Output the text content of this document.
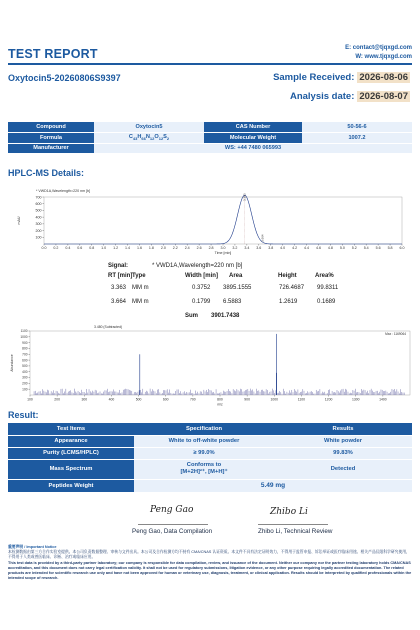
TEST REPORT	E: contact@tjqxgd.com
W: www.tjqxgd.com
Oxytocin5-20260806S9397	Sample Received: 2026-08-06
Analysis date: 2026-08-07
Compound	Oxytocin5	CAS Number	50-56-6
Formula	$C_{43}H_{66}N_{12}O_{12}S_2$	Molecular Weight	1007.2
Manufacturer	WS: +44 7480 065993		
HPLC-MS Details:
* VWD1A,Wavelength=220 nm [b]
100
200
300
400
500
600
700
0.0 0.2 0.4 0.6 0.8 1.0 1.2 1.4 1.6 1.8 2.0 2.2 2.4 2.6 2.8 3.0 3.2 3.4 3.6 3.8 4.0 4.2 4.4 4.6 4.8 5.0 5.2 5.4 5.6 5.8 6.0
Time [min]
mAU
3.363
3.664
Signal:	* VWD1A,Wavelength=220 nm [b]
RT [min] Type	Width [min] Area	Height	Area%
3.363 MM m	0.3752 3895.1555	726.4687 99.8311
3.664 MM m	0.1799 6.5883	1.2619	0.1689
Sum 3901.7438
3.480 (Subtracted)
Max : 1169064
100
200
300
400
500
600
700
800
900
1000
1100
100	200	300	400	500	600	700	800	900	1000	1100	1200	1300	1400
m/z
Abundance
Result:
Test Items	Specification	Results
Appearance	White to off-white powder	White powder
Purity (LCMS/HPLC)	≥ 99.0%	99.83%
Mass Spectrum	Conforms to
[M+2H]²⁺, [M+H]⁺	Detected
Peptides Weight	5.49 mg	
Peng Gao	Zhibo Li
Peng Gao, Data Compilation	Zhibo Li, Technical Review
重要声明 / Important Notice
本检测数据由第三方合作实验室提供。本公司负责数据整理、审核与文件出具。本公司及合作检测方均不持有 CMA/CNAS 认证资质。本文件不具有法定证明效力，不得用于监管申报、诉讼举证或医疗临床用途。相关产品仅限科学研究使用，不得用于人类或兽医临床、诊断、治疗或临床应用。
This test data is provided by a third-party partner laboratory; our company is responsible for data compilation, review, and issuance of the document. Neither our company nor the partner testing laboratory holds CMA/CNAS accreditation, and this document does not carry legal certification validity. It shall not be used for regulatory submissions, litigation evidence, or any other purpose requiring legally accredited documentation. The related products are intended for scientific research use only and have not been approved for human or veterinary use, diagnosis, treatment, or clinical application. Results should be interpreted by qualified professionals within the intended scope of research.
